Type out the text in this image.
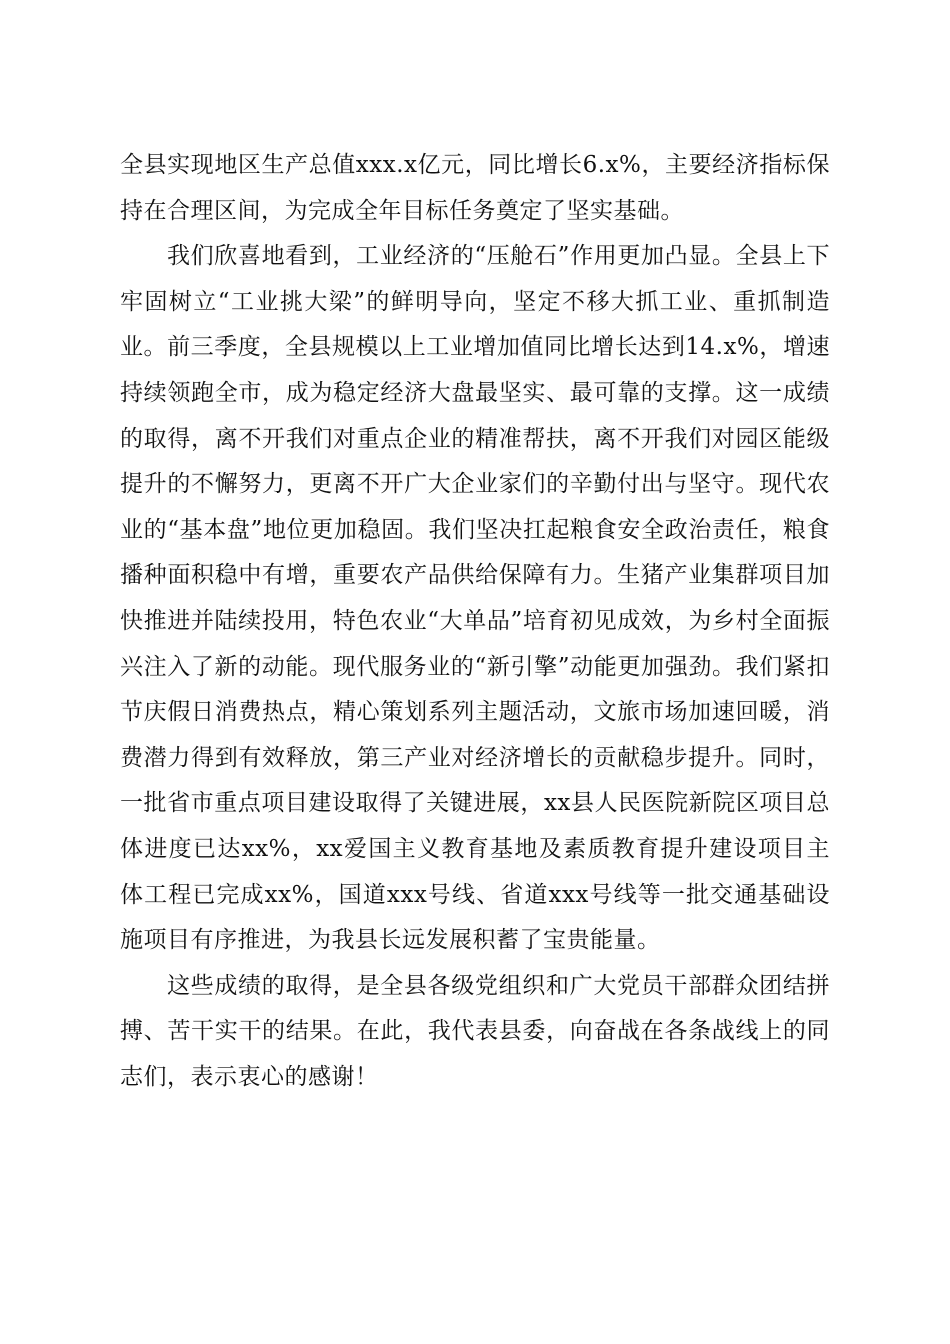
全县实现地区生产总值xxx.x亿元，同比增长6.x%，主要经济指标保持在合理区间，为完成全年目标任务奠定了坚实基础。

我们欣喜地看到，工业经济的“压舱石”作用更加凸显。全县上下牢固树立“工业挑大梁”的鲜明导向，坚定不移大抓工业、重抓制造业。前三季度，全县规模以上工业增加值同比增长达到14.x%，增速持续领跑全市，成为稳定经济大盘最坚实、最可靠的支撑。这一成绩的取得，离不开我们对重点企业的精准帮扶，离不开我们对园区能级提升的不懈努力，更离不开广大企业家们的辛勤付出与坚守。现代农业的“基本盘”地位更加稳固。我们坚决扛起粮食安全政治责任，粮食播种面积稳中有增，重要农产品供给保障有力。生猪产业集群项目加快推进并陆续投用，特色农业“大单品”培育初见成效，为乡村全面振兴注入了新的动能。现代服务业的“新引擎”动能更加强劲。我们紧扣节庆假日消费热点，精心策划系列主题活动，文旅市场加速回暖，消费潜力得到有效释放，第三产业对经济增长的贡献稳步提升。同时，一批省市重点项目建设取得了关键进展，xx县人民医院新院区项目总体进度已达xx%，xx爱国主义教育基地及素质教育提升建设项目主体工程已完成xx%，国道xxx号线、省道xxx号线等一批交通基础设施项目有序推进，为我县长远发展积蓄了宝贵能量。

这些成绩的取得，是全县各级党组织和广大党员干部群众团结拼搏、苦干实干的结果。在此，我代表县委，向奋战在各条战线上的同志们，表示衷心的感谢！
